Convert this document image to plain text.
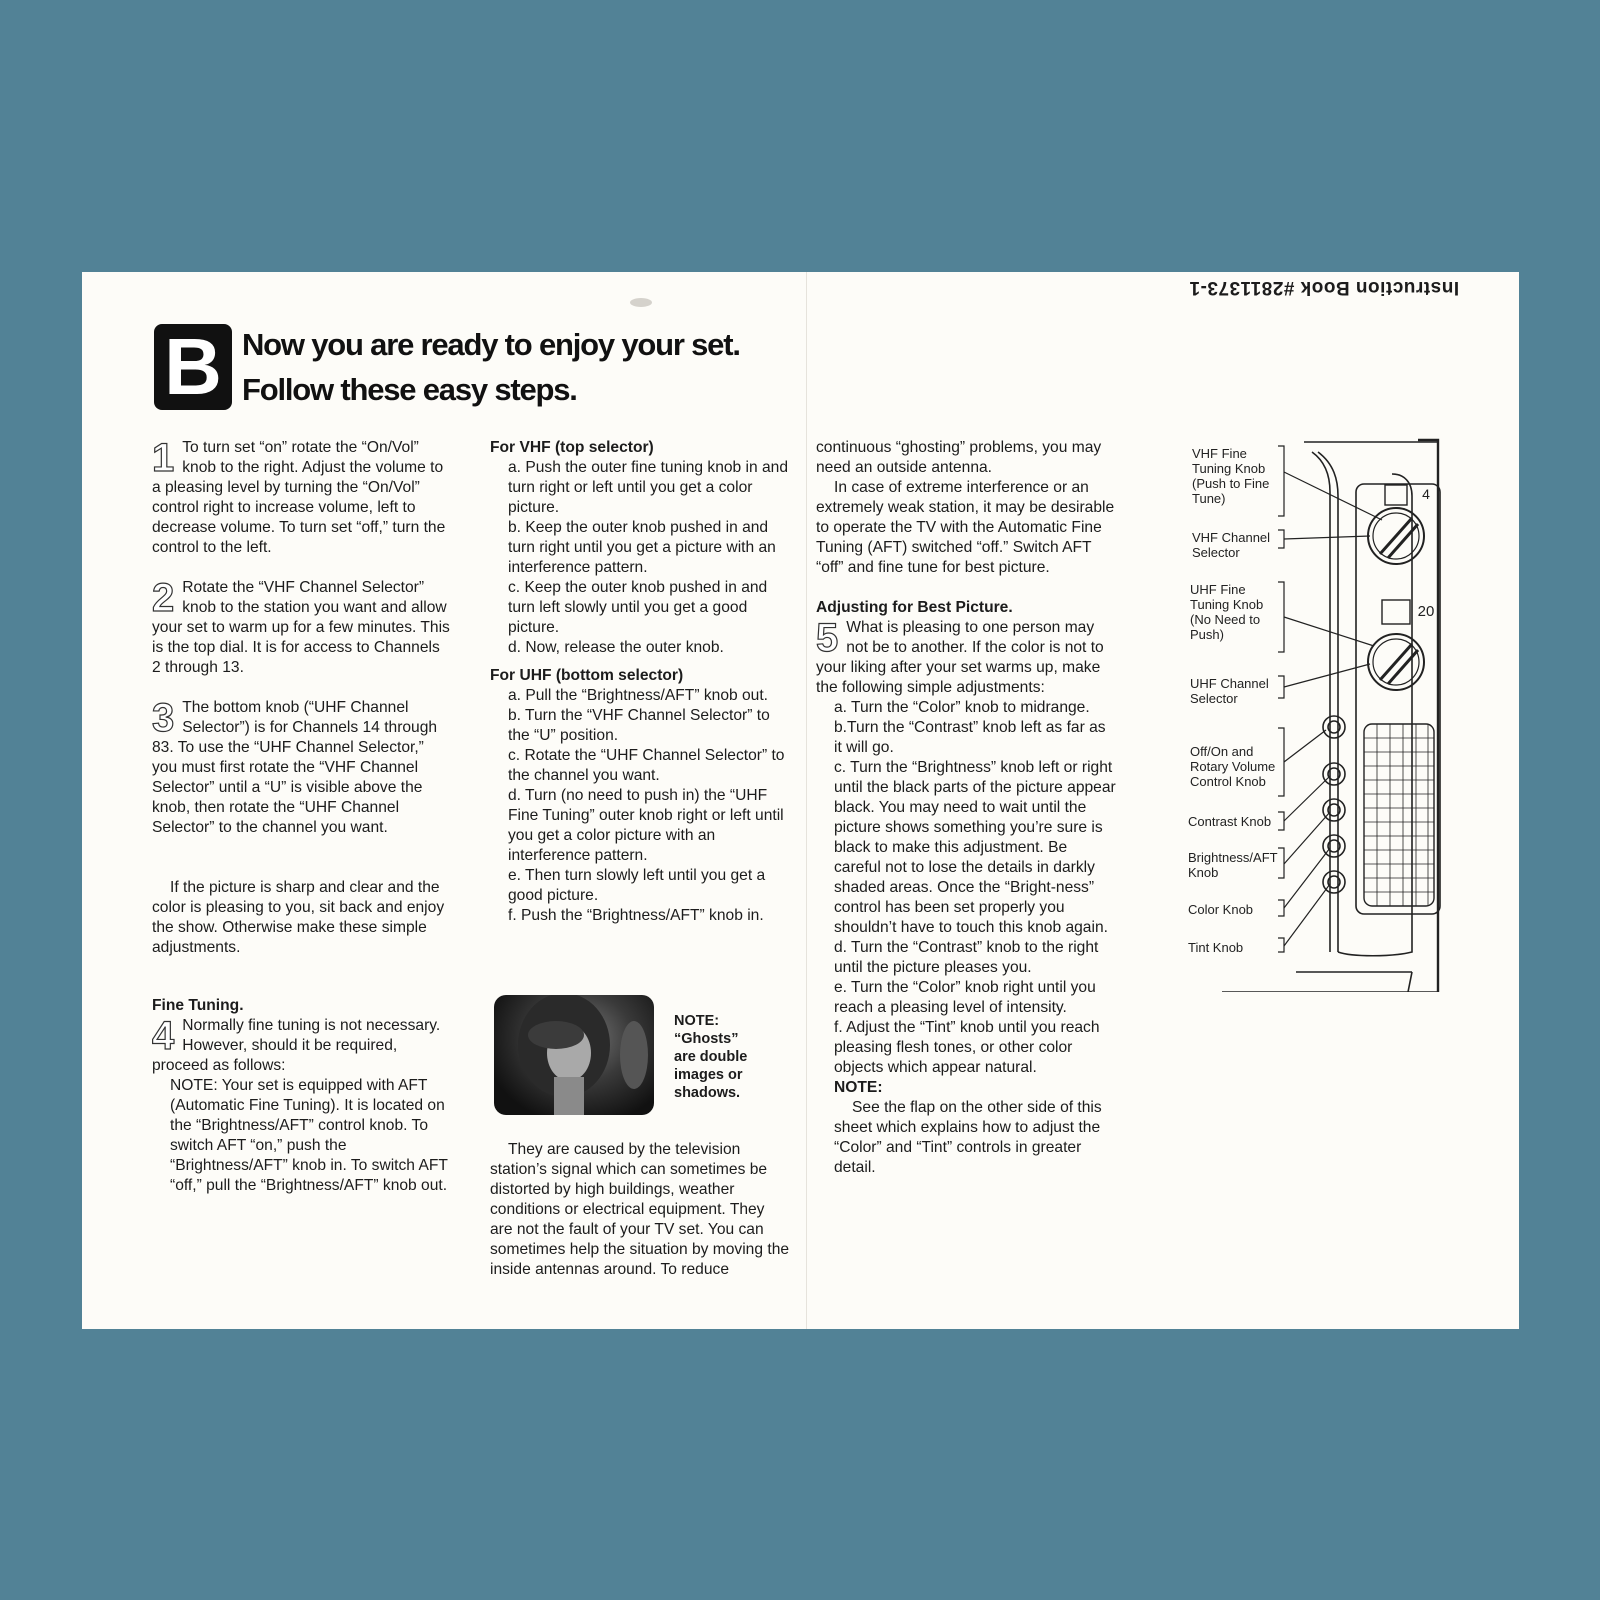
Instruction Book #2811373-1
B Now you are ready to enjoy your set.
Follow these easy steps.

1 To turn set “on” rotate the “On/Vol” knob to the right. Adjust the volume to a pleasing level by turning the “On/Vol” control right to increase volume, left to decrease volume. To turn set “off,” turn the control to the left.

2 Rotate the “VHF Channel Selector” knob to the station you want and allow your set to warm up for a few minutes. This is the top dial. It is for access to Channels 2 through 13.

3 The bottom knob (“UHF Channel Selector”) is for Channels 14 through 83. To use the “UHF Channel Selector,” you must first rotate the “VHF Channel Selector” until a “U” is visible above the knob, then rotate the “UHF Channel Selector” to the channel you want.

If the picture is sharp and clear and the color is pleasing to you, sit back and enjoy the show. Otherwise make these simple adjustments.

Fine Tuning.

4 Normally fine tuning is not necessary. However, should it be required, proceed as follows:

NOTE: Your set is equipped with AFT (Automatic Fine Tuning). It is located on the “Brightness/AFT” control knob. To switch AFT “on,” push the “Brightness/AFT” knob in. To switch AFT “off,” pull the “Brightness/AFT” knob out.

For VHF (top selector)

a. Push the outer fine tuning knob in and turn right or left until you get a color picture.

b. Keep the outer knob pushed in and turn right until you get a picture with an interference pattern.

c. Keep the outer knob pushed in and turn left slowly until you get a good picture.

d. Now, release the outer knob.

For UHF (bottom selector)

a. Pull the “Brightness/AFT” knob out.

b. Turn the “VHF Channel Selector” to the “U” position.

c. Rotate the “UHF Channel Selector” to the channel you want.

d. Turn (no need to push in) the “UHF Fine Tuning” outer knob right or left until you get a color picture with an interference pattern.

e. Then turn slowly left until you get a good picture.

f. Push the “Brightness/AFT” knob in.

NOTE:
“Ghosts”
are double
images or
shadows.

They are caused by the television station’s signal which can sometimes be distorted by high buildings, weather conditions or electrical equipment. They are not the fault of your TV set. You can sometimes help the situation by moving the inside antennas around. To reduce

continuous “ghosting” problems, you may need an outside antenna.

In case of extreme interference or an extremely weak station, it may be desirable to operate the TV with the Automatic Fine Tuning (AFT) switched “off.” Switch AFT “off” and fine tune for best picture.

Adjusting for Best Picture.

5 What is pleasing to one person may not be to another. If the color is not to your liking after your set warms up, make the following simple adjustments:

a. Turn the “Color” knob to midrange.

b.Turn the “Contrast” knob left as far as it will go.

c. Turn the “Brightness” knob left or right until the black parts of the picture appear black. You may need to wait until the picture shows something you’re sure is black to make this adjustment. Be careful not to lose the details in darkly shaded areas. Once the “Bright-ness” control has been set properly you shouldn’t have to touch this knob again.

d. Turn the “Contrast” knob to the right until the picture pleases you.

e. Turn the “Color” knob right until you reach a pleasing level of intensity.

f. Adjust the “Tint” knob until you reach pleasing flesh tones, or other color objects which appear natural.

NOTE:

See the flap on the other side of this sheet which explains how to adjust the “Color” and “Tint” controls in greater detail.

VHF Fine Tuning Knob (Push to Fine Tune)
VHF Channel Selector
UHF Fine Tuning Knob (No Need to Push)
UHF Channel Selector
Off/On and Rotary Volume Control Knob
Contrast Knob
Brightness/AFT Knob
Color Knob
Tint Knob
4
20
